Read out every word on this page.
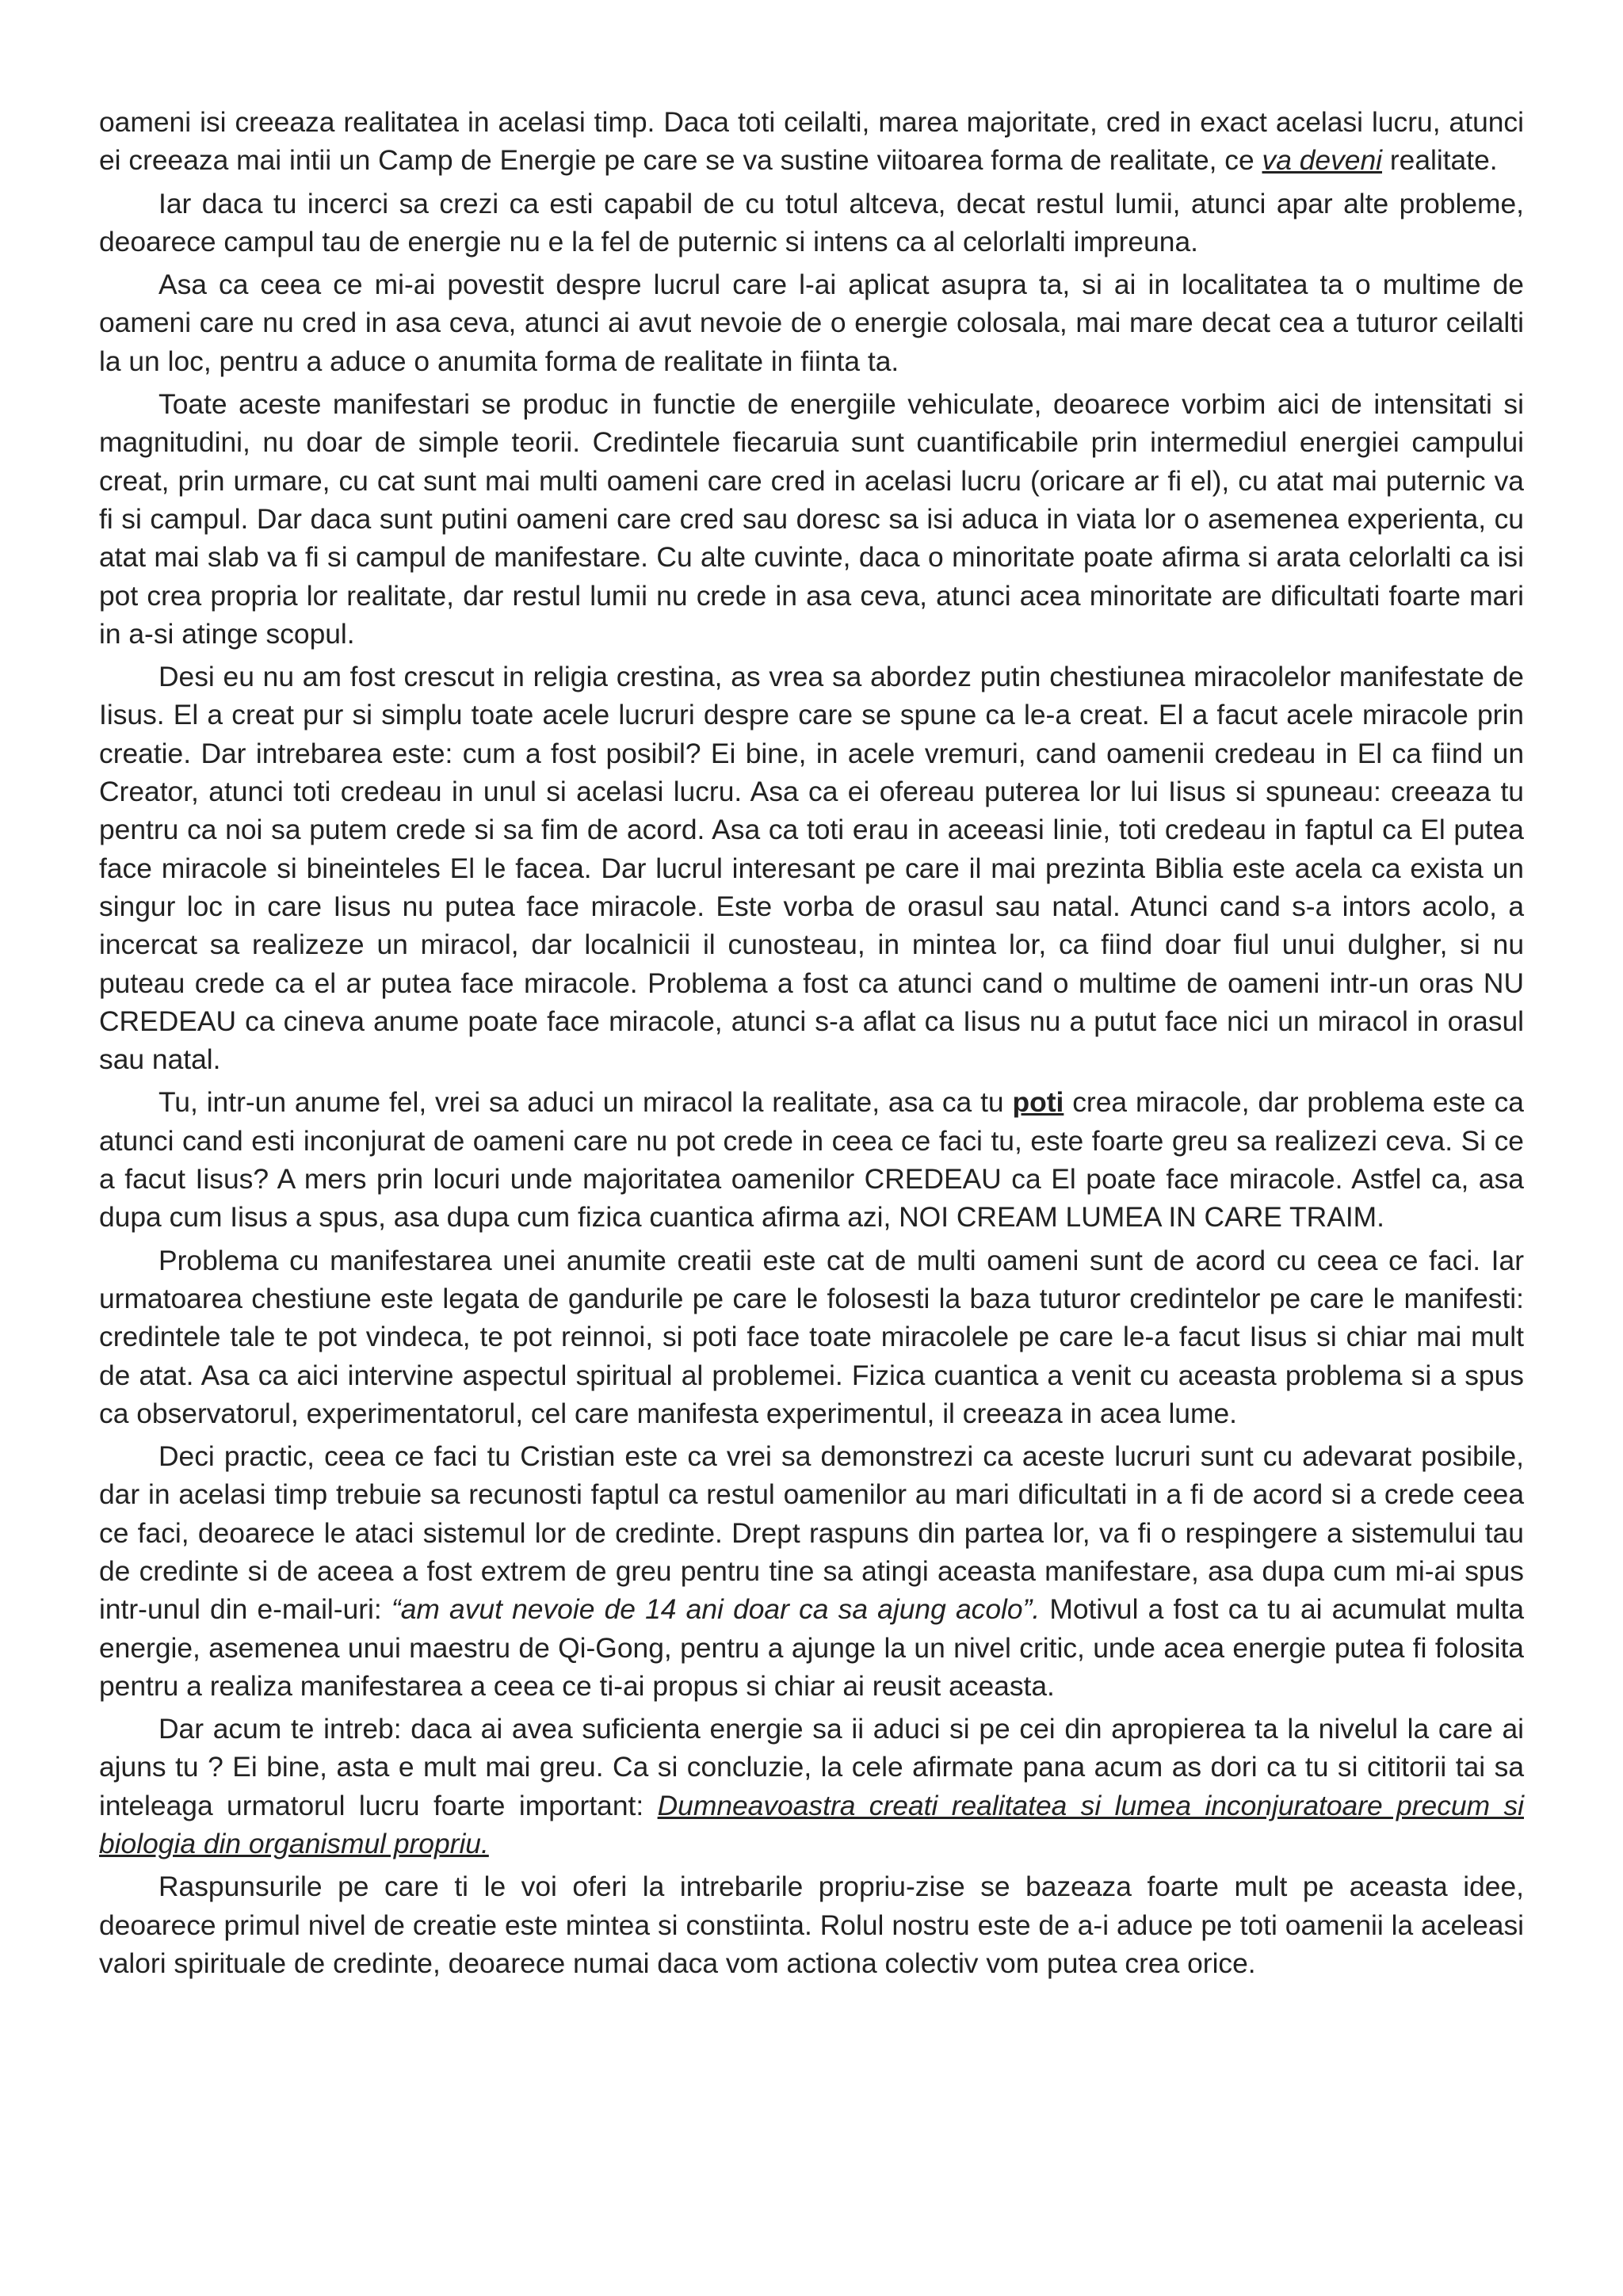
oameni isi creeaza realitatea in acelasi timp. Daca toti ceilalti, marea majoritate, cred in exact acelasi lucru, atunci ei creeaza mai intii un Camp de Energie pe care se va sustine viitoarea forma de realitate, ce va deveni realitate.

Iar daca tu incerci sa crezi ca esti capabil de cu totul altceva, decat restul lumii, atunci apar alte probleme, deoarece campul tau de energie nu e la fel de puternic si intens ca al celorlalti impreuna.

Asa ca ceea ce mi-ai povestit despre lucrul care l-ai aplicat asupra ta, si ai in localitatea ta o multime de oameni care nu cred in asa ceva, atunci ai avut nevoie de o energie colosala, mai mare decat cea a tuturor ceilalti la un loc, pentru a aduce o anumita forma de realitate in fiinta ta.

Toate aceste manifestari se produc in functie de energiile vehiculate, deoarece vorbim aici de intensitati si magnitudini, nu doar de simple teorii. Credintele fiecaruia sunt cuantificabile prin intermediul energiei campului creat, prin urmare, cu cat sunt mai multi oameni care cred in acelasi lucru (oricare ar fi el), cu atat mai puternic va fi si campul. Dar daca sunt putini oameni care cred sau doresc sa isi aduca in viata lor o asemenea experienta, cu atat mai slab va fi si campul de manifestare. Cu alte cuvinte, daca o minoritate poate afirma si arata celorlalti ca isi pot crea propria lor realitate, dar restul lumii nu crede in asa ceva, atunci acea minoritate are dificultati foarte mari in a-si atinge scopul.

Desi eu nu am fost crescut in religia crestina, as vrea sa abordez putin chestiunea miracolelor manifestate de Iisus. El a creat pur si simplu toate acele lucruri despre care se spune ca le-a creat. El a facut acele miracole prin creatie. Dar intrebarea este: cum a fost posibil? Ei bine, in acele vremuri, cand oamenii credeau in El ca fiind un Creator, atunci toti credeau in unul si acelasi lucru. Asa ca ei ofereau puterea lor lui Iisus si spuneau: creeaza tu pentru ca noi sa putem crede si sa fim de acord. Asa ca toti erau in aceeasi linie, toti credeau in faptul ca El putea face miracole si bineinteles El le facea. Dar lucrul interesant pe care il mai prezinta Biblia este acela ca exista un singur loc in care Iisus nu putea face miracole. Este vorba de orasul sau natal. Atunci cand s-a intors acolo, a incercat sa realizeze un miracol, dar localnicii il cunosteau, in mintea lor, ca fiind doar fiul unui dulgher, si nu puteau crede ca el ar putea face miracole. Problema a fost ca atunci cand o multime de oameni intr-un oras NU CREDEAU ca cineva anume poate face miracole, atunci s-a aflat ca Iisus nu a putut face nici un miracol in orasul sau natal.

Tu, intr-un anume fel, vrei sa aduci un miracol la realitate, asa ca tu poti crea miracole, dar problema este ca atunci cand esti inconjurat de oameni care nu pot crede in ceea ce faci tu, este foarte greu sa realizezi ceva. Si ce a facut Iisus? A mers prin locuri unde majoritatea oamenilor CREDEAU ca El poate face miracole. Astfel ca, asa dupa cum Iisus a spus, asa dupa cum fizica cuantica afirma azi, NOI CREAM LUMEA IN CARE TRAIM.

Problema cu manifestarea unei anumite creatii este cat de multi oameni sunt de acord cu ceea ce faci. Iar urmatoarea chestiune este legata de gandurile pe care le folosesti la baza tuturor credintelor pe care le manifesti: credintele tale te pot vindeca, te pot reinnoi, si poti face toate miracolele pe care le-a facut Iisus si chiar mai mult de atat. Asa ca aici intervine aspectul spiritual al problemei. Fizica cuantica a venit cu aceasta problema si a spus ca observatorul, experimentatorul, cel care manifesta experimentul, il creeaza in acea lume.

Deci practic, ceea ce faci tu Cristian este ca vrei sa demonstrezi ca aceste lucruri sunt cu adevarat posibile, dar in acelasi timp trebuie sa recunosti faptul ca restul oamenilor au mari dificultati in a fi de acord si a crede ceea ce faci, deoarece le ataci sistemul lor de credinte. Drept raspuns din partea lor, va fi o respingere a sistemului tau de credinte si de aceea a fost extrem de greu pentru tine sa atingi aceasta manifestare, asa dupa cum mi-ai spus intr-unul din e-mail-uri: “am avut nevoie de 14 ani doar ca sa ajung acolo”. Motivul a fost ca tu ai acumulat multa energie, asemenea unui maestru de Qi-Gong, pentru a ajunge la un nivel critic, unde acea energie putea fi folosita pentru a realiza manifestarea a ceea ce ti-ai propus si chiar ai reusit aceasta.

Dar acum te intreb: daca ai avea suficienta energie sa ii aduci si pe cei din apropierea ta la nivelul la care ai ajuns tu ? Ei bine, asta e mult mai greu. Ca si concluzie, la cele afirmate pana acum as dori ca tu si cititorii tai sa inteleaga urmatorul lucru foarte important: Dumneavoastra creati realitatea si lumea inconjuratoare precum si biologia din organismul propriu.

Raspunsurile pe care ti le voi oferi la intrebarile propriu-zise se bazeaza foarte mult pe aceasta idee, deoarece primul nivel de creatie este mintea si constiinta. Rolul nostru este de a-i aduce pe toti oamenii la aceleasi valori spirituale de credinte, deoarece numai daca vom actiona colectiv vom putea crea orice.
